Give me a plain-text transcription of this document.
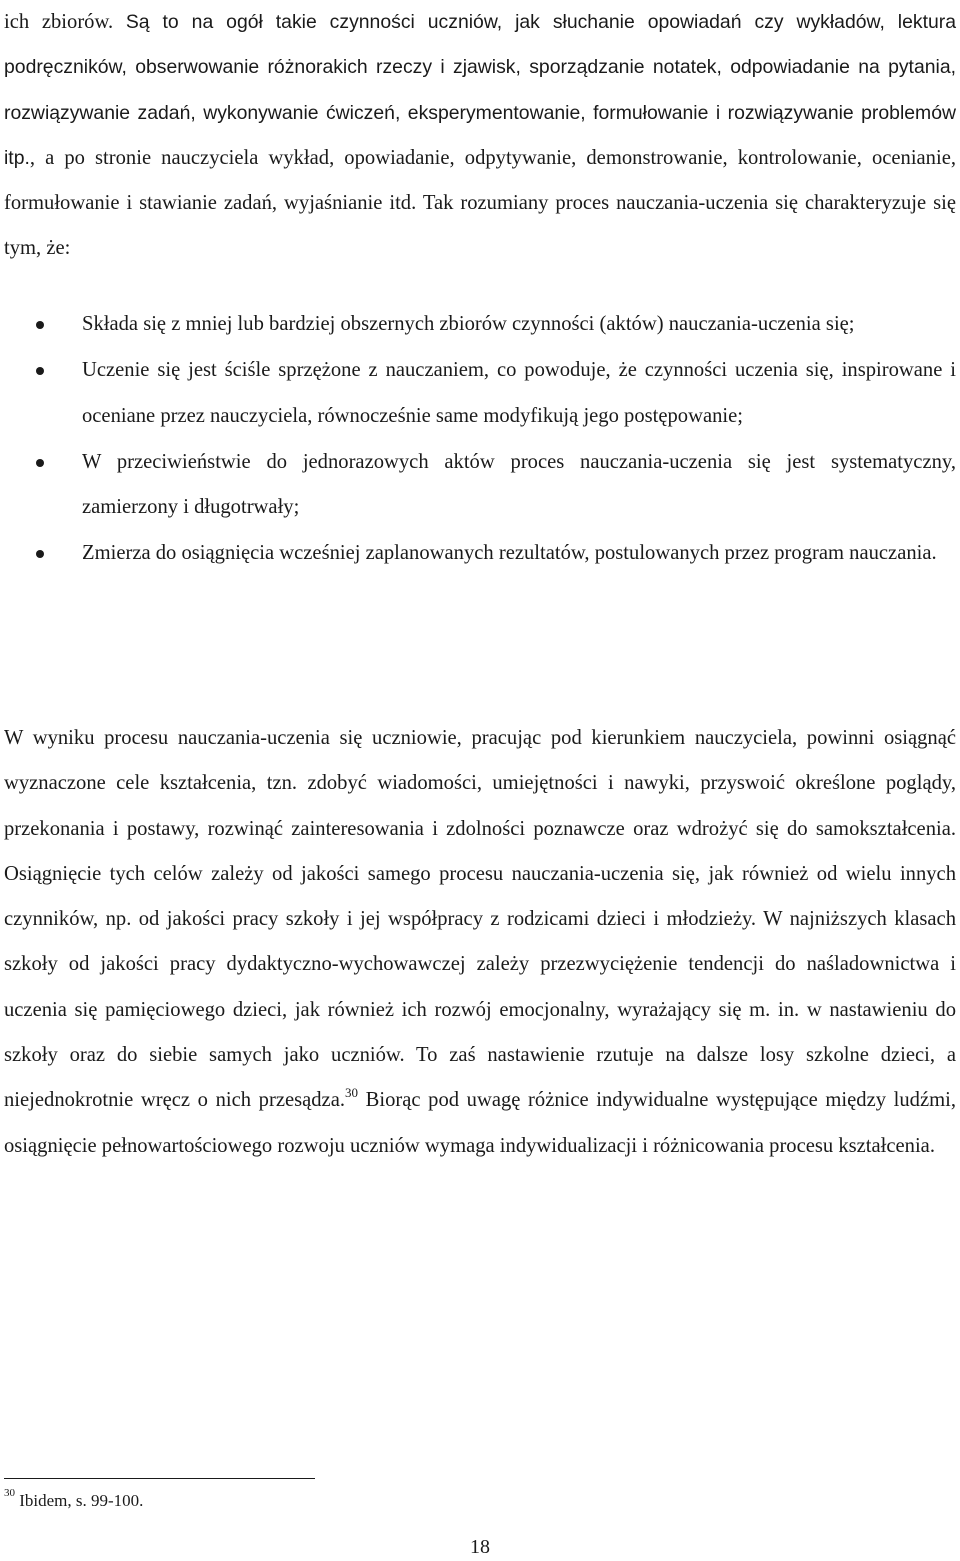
ich zbiorów. Są to na ogół takie czynności uczniów, jak słuchanie opowiadań czy wykładów, lektura podręczników, obserwowanie różnorakich rzeczy i zjawisk, sporządzanie notatek, odpowiadanie na pytania, rozwiązywanie zadań, wykonywanie ćwiczeń, eksperymentowanie, formułowanie i rozwiązywanie problemów itp., a po stronie nauczyciela wykład, opowiadanie, odpytywanie, demonstrowanie, kontrolowanie, ocenianie, formułowanie i stawianie zadań, wyjaśnianie itd. Tak rozumiany proces nauczania-uczenia się charakteryzuje się tym, że:

Składa się z mniej lub bardziej obszernych zbiorów czynności (aktów) nauczania-uczenia się;
Uczenie się jest ściśle sprzężone z nauczaniem, co powoduje, że czynności uczenia się, inspirowane i oceniane przez nauczyciela, równocześnie same modyfikują jego postępowanie;
W przeciwieństwie do jednorazowych aktów proces nauczania-uczenia się jest systematyczny, zamierzony i długotrwały;
Zmierza do osiągnięcia wcześniej zaplanowanych rezultatów, postulowanych przez program nauczania.

W wyniku procesu nauczania-uczenia się uczniowie, pracując pod kierunkiem nauczyciela, powinni osiągnąć wyznaczone cele kształcenia, tzn. zdobyć wiadomości, umiejętności i nawyki, przyswoić określone poglądy, przekonania i postawy, rozwinąć zainteresowania i zdolności poznawcze oraz wdrożyć się do samokształcenia. Osiągnięcie tych celów zależy od jakości samego procesu nauczania-uczenia się, jak również od wielu innych czynników, np. od jakości pracy szkoły i jej współpracy z rodzicami dzieci i młodzieży. W najniższych klasach szkoły od jakości pracy dydaktyczno-wychowawczej zależy przezwyciężenie tendencji do naśladownictwa i uczenia się pamięciowego dzieci, jak również ich rozwój emocjonalny, wyrażający się m. in. w nastawieniu do szkoły oraz do siebie samych jako uczniów. To zaś nastawienie rzutuje na dalsze losy szkolne dzieci, a niejednokrotnie wręcz o nich przesądza.$^{30}$ Biorąc pod uwagę różnice indywidualne występujące między ludźmi, osiągnięcie pełnowartościowego rozwoju uczniów wymaga indywidualizacji i różnicowania procesu kształcenia.

$^{30}$ Ibidem, s. 99-100.
18
